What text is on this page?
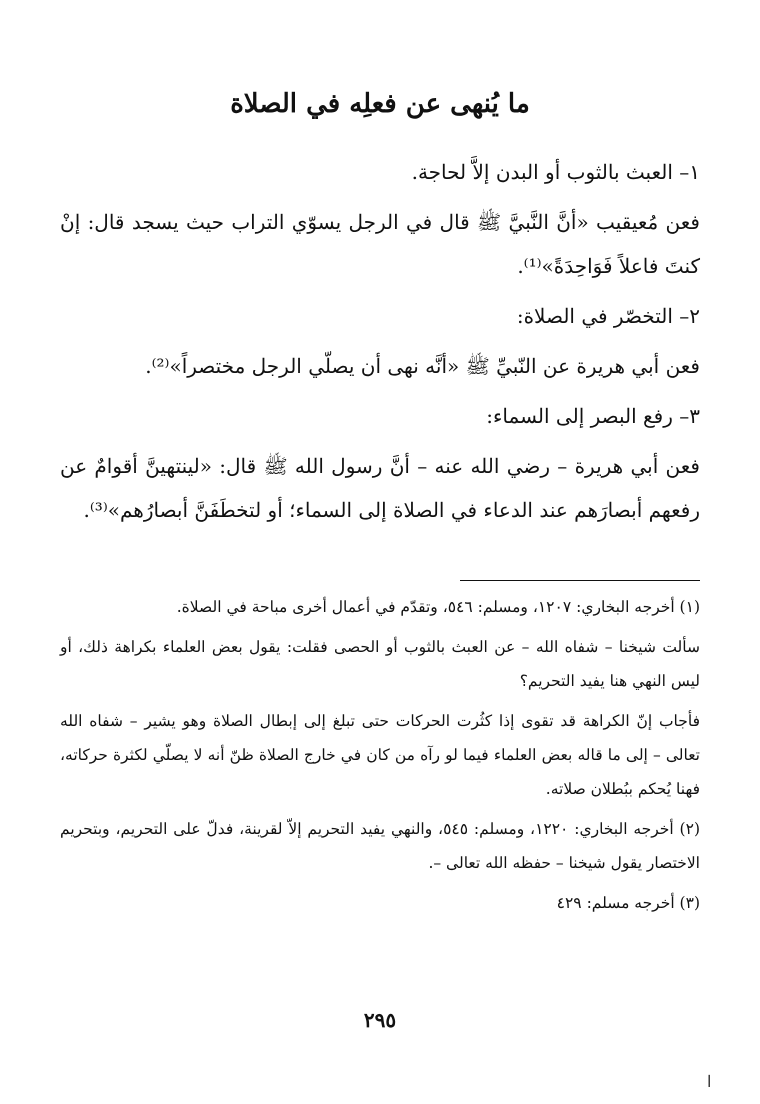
ما يُنهى عن فعلِه في الصلاة

١– العبث بالثوب أو البدن إلاَّ لحاجة.

فعن مُعيقيب «أنَّ النَّبيَّ ﷺ قال في الرجل يسوّي التراب حيث يسجد قال: إنْ كنتَ فاعلاً فَوَاحِدَةً»⁽¹⁾.

٢– التخصّر في الصلاة:

فعن أبي هريرة عن النّبيِّ ﷺ «أنَّه نهى أن يصلّي الرجل مختصراً»⁽²⁾.

٣– رفع البصر إلى السماء:

فعن أبي هريرة – رضي الله عنه – أنَّ رسول الله ﷺ قال: «لينتهينَّ أقوامٌ عن رفعهم أبصارَهم عند الدعاء في الصلاة إلى السماء؛ أو لتخطَفَنَّ أبصارُهم»⁽³⁾.

(١) أخرجه البخاري: ١٢٠٧، ومسلم: ٥٤٦، وتقدّم في أعمال أخرى مباحة في الصلاة.

سألت شيخنا – شفاه الله – عن العبث بالثوب أو الحصى فقلت: يقول بعض العلماء بكراهة ذلك، أو ليس النهي هنا يفيد التحريم؟

فأجاب إنّ الكراهة قد تقوى إذا كثُرت الحركات حتى تبلغ إلى إبطال الصلاة وهو يشير – شفاه الله تعالى – إلى ما قاله بعض العلماء فيما لو رآه من كان في خارج الصلاة ظنّ أنه لا يصلّي لكثرة حركاته، فهنا يُحكم ببُطلان صلاته.

(٢) أخرجه البخاري: ١٢٢٠، ومسلم: ٥٤٥، والنهي يفيد التحريم إلاّ لقرينة، فدلّ على التحريم، وبتحريم الاختصار يقول شيخنا – حفظه الله تعالى –.

(٣) أخرجه مسلم: ٤٢٩

٢٩٥
ا
